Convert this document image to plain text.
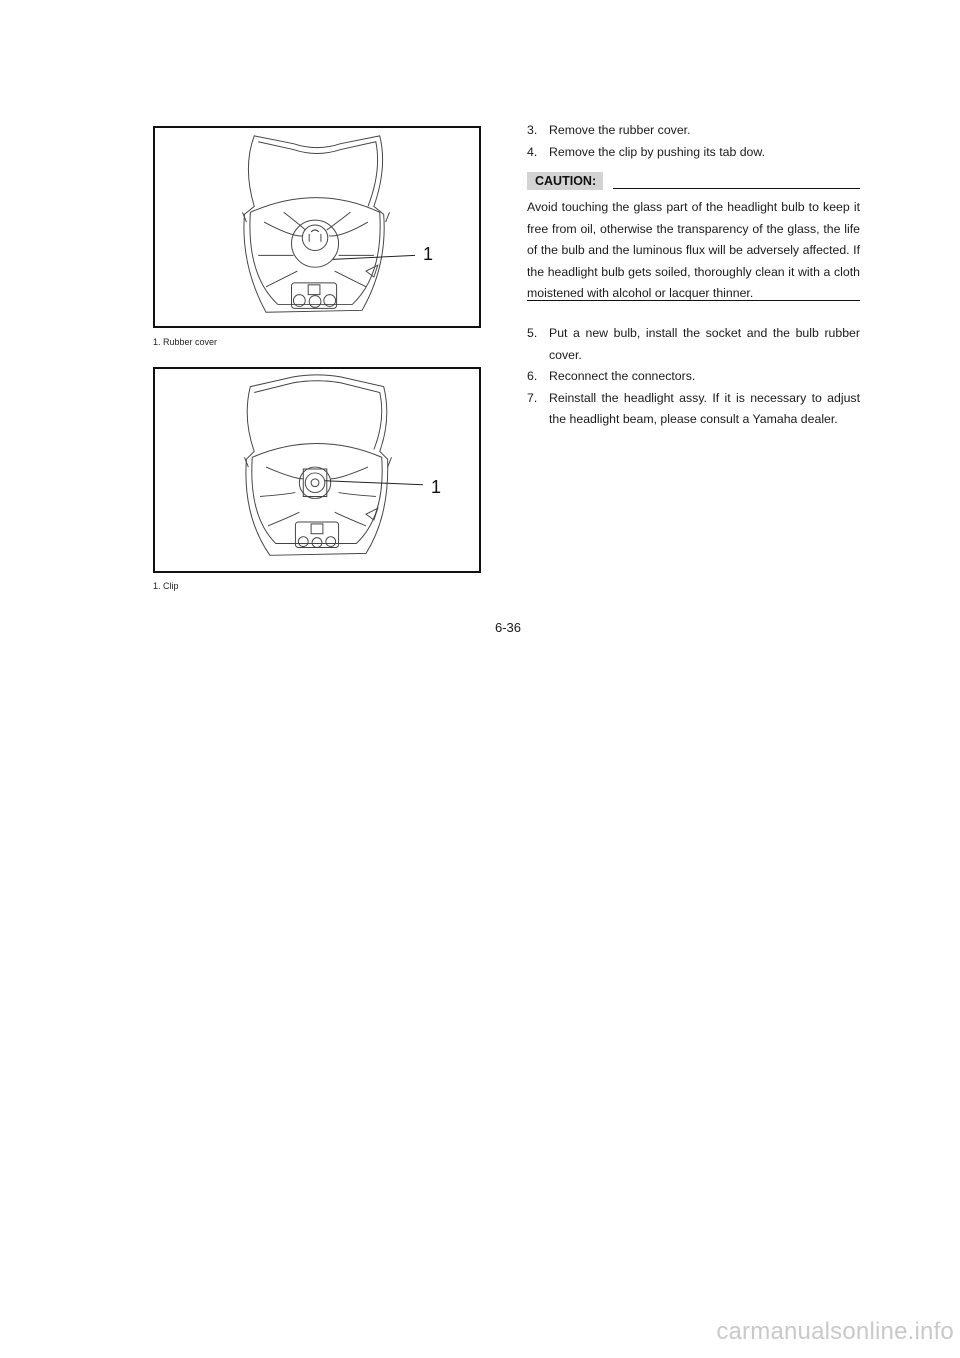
1
1. Rubber cover
1
1. Clip
3. Remove the rubber cover.
4. Remove the clip by pushing its tab dow.
CAUTION:
Avoid touching the glass part of the headlight bulb to keep it free from oil, otherwise the transparency of the glass, the life of the bulb and the luminous flux will be adversely affected. If the headlight bulb gets soiled, thoroughly clean it with a cloth moistened with alcohol or lacquer thinner.
5. Put a new bulb, install the socket and the bulb rubber cover.
6. Reconnect the connectors.
7. Reinstall the headlight assy. If it is necessary to adjust the headlight beam, please consult a Yamaha dealer.
6-36
carmanualsonline.info
